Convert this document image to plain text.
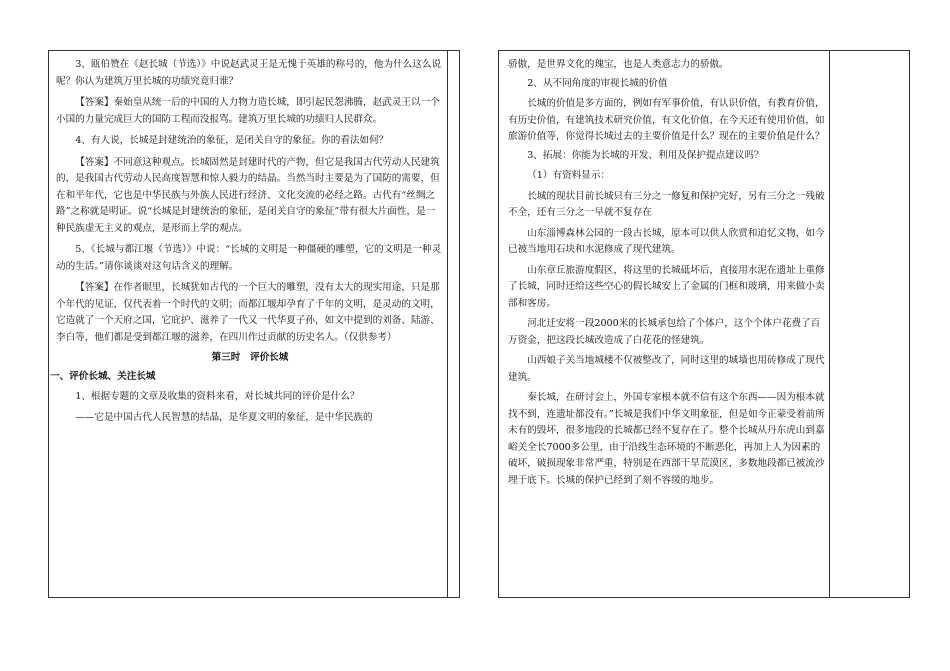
3、瓯伯赞在《赵长城（节选）》中说赵武灵王是无愧于英雄的称号的，他为什么这么说呢？你认为建筑万里长城的功绩究竟归谁？

【答案】秦始皇从统一后的中国的人力物力造长城，即引起民怨沸腾，赵武灵王以一个小国的力量完成巨大的国防工程而没报骂。建筑万里长城的功绩归人民群众。

4、有人说，长城是封建统治的象征，是闭关自守的象征。你的看法如何？

【答案】不同意这种观点。长城固然是封建时代的产物，但它是我国古代劳动人民建筑的，是我国古代劳动人民高度智慧和惊人毅力的结晶。当然当时主要是为了国防的需要，但在和平年代，它也是中华民族与外族人民进行经济、文化交流的必经之路。古代有“丝绸之路”之称就是明证。说“长城是封建统治的象征，是闭关自守的象征”带有很大片面性，是一种民族虚无主义的观点，是形而上学的观点。

5、《长城与都江堰（节选）》中说：“长城的文明是一种僵硬的雕塑，它的文明是一种灵动的生活。”请你谈谈对这句话含义的理解。

【答案】在作者眼里，长城犹如古代的一个巨大的雕塑，没有太大的现实用途，只是那个年代的见证，仅代表着一个时代的文明；而都江堰却孕育了千年的文明，是灵动的文明，它造就了一个天府之国，它庇护、滋养了一代又一代华夏子孙，如文中提到的刘备、陆游、李白等，他们都是受到都江堰的滋养，在四川作过贡献的历史名人。（仅供参考）

第三时　评价长城

一、评价长城、关注长城

1、根据专题的文章及收集的资料来看，对长城共同的评价是什么？

——它是中国古代人民智慧的结晶，是华夏文明的象征，是中华民族的

骄傲，是世界文化的瑰宝，也是人类意志力的骄傲。

2、从不同角度的审视长城的价值

长城的价值是多方面的，例如有军事价值，有认识价值，有教育价值，有历史价值，有建筑技术研究价值，有文化价值，在今天还有使用价值，如旅游价值等，你觉得长城过去的主要价值是什么？现在的主要价值是什么？

3、拓展：你能为长城的开发、利用及保护提点建议吗？

（1）有资料显示：

长城的现状目前长城只有三分之一修复和保护完好，另有三分之一残破不全，还有三分之一早就不复存在

山东淄博森林公园的一段古长城，原本可以供人欣赏和追忆文物，如今已被当地用石块和水泥修成了现代建筑。

山东章丘旅游度假区，将这里的长城砥坏后，直接用水泥在遗址上重修了长城，同时还给这些空心的假长城安上了金属的门框和玻璃，用来做小卖部和客房。

河北迁安将一段2000米的长城承包给了个体户，这个个体户花费了百万资金，把这段长城改造成了白花花的怪建筑。

山西娘子关当地城楼不仅被整改了，同时这里的城墙也用砖修成了现代建筑。

秦长城，在研讨会上，外国专家根本就不信有这个东西——因为根本就找不到，连遗址都没有。”长城是我们中华文明象征，但是如今正蒙受着前所未有的毁坏，很多地段的长城都已经不复存在了。整个长城从丹东虎山到嘉峪关全长7000多公里，由于沿线生态环境的不断恶化，再加上人为因素的破坏，破损现象非常严重，特别是在西部干旱荒漠区，多数地段都已被流沙埋于底下。长城的保护已经到了刻不容缓的地步。
